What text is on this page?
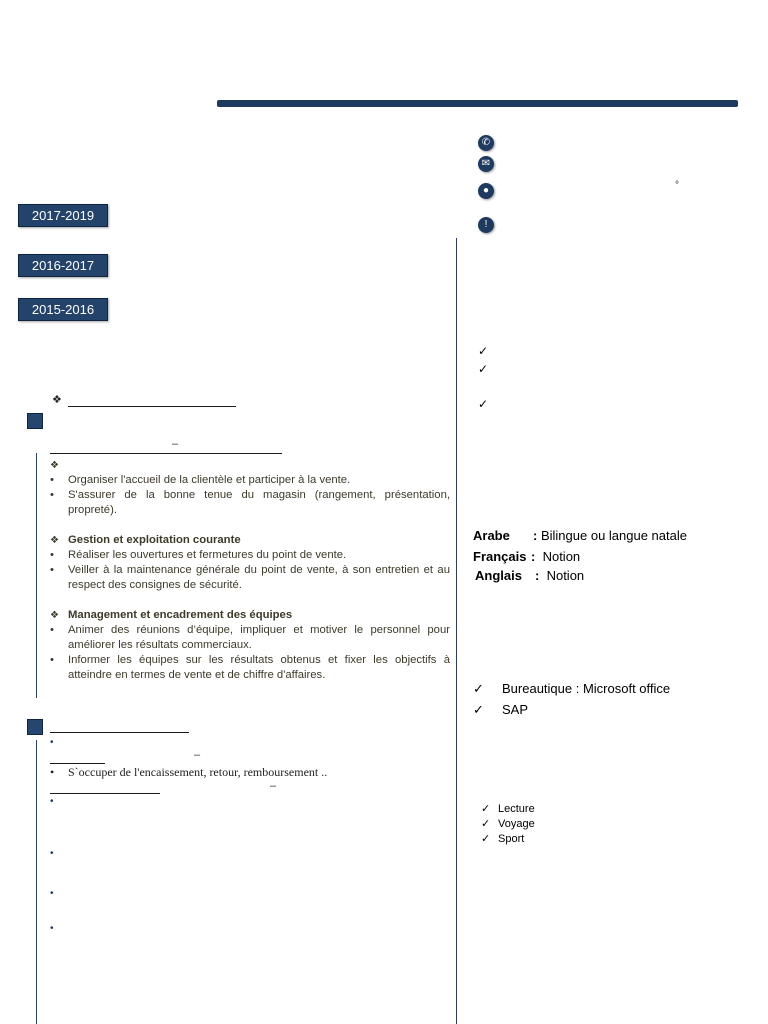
✆
✉
●
!
°
2017-2019
2016-2017
2015-2016
❖
–
❖
•	Organiser l'accueil de la clientèle et participer à la vente.
•	S'assurer de la bonne tenue du magasin (rangement, présentation, propreté).
❖ Gestion et exploitation courante
•	Réaliser les ouvertures et fermetures du point de vente.
•	Veiller à la maintenance générale du point de vente, à son entretien et au respect des consignes de sécurité.
❖ Management et encadrement des équipes
•	Animer des réunions d’équipe, impliquer et motiver le personnel pour améliorer les résultats commerciaux.
•	Informer les équipes sur les résultats obtenus et fixer les objectifs à atteindre en termes de vente et de chiffre d'affaires.
•
–
• S`occuper de l'encaissement, retour, remboursement ..
–
•
•
•
•
✓
✓
✓
Arabe : Bilingue ou langue natale
Français : Notion
Anglais : Notion
✓ Bureautique : Microsoft office
✓ SAP
✓ Lecture
✓ Voyage
✓ Sport
